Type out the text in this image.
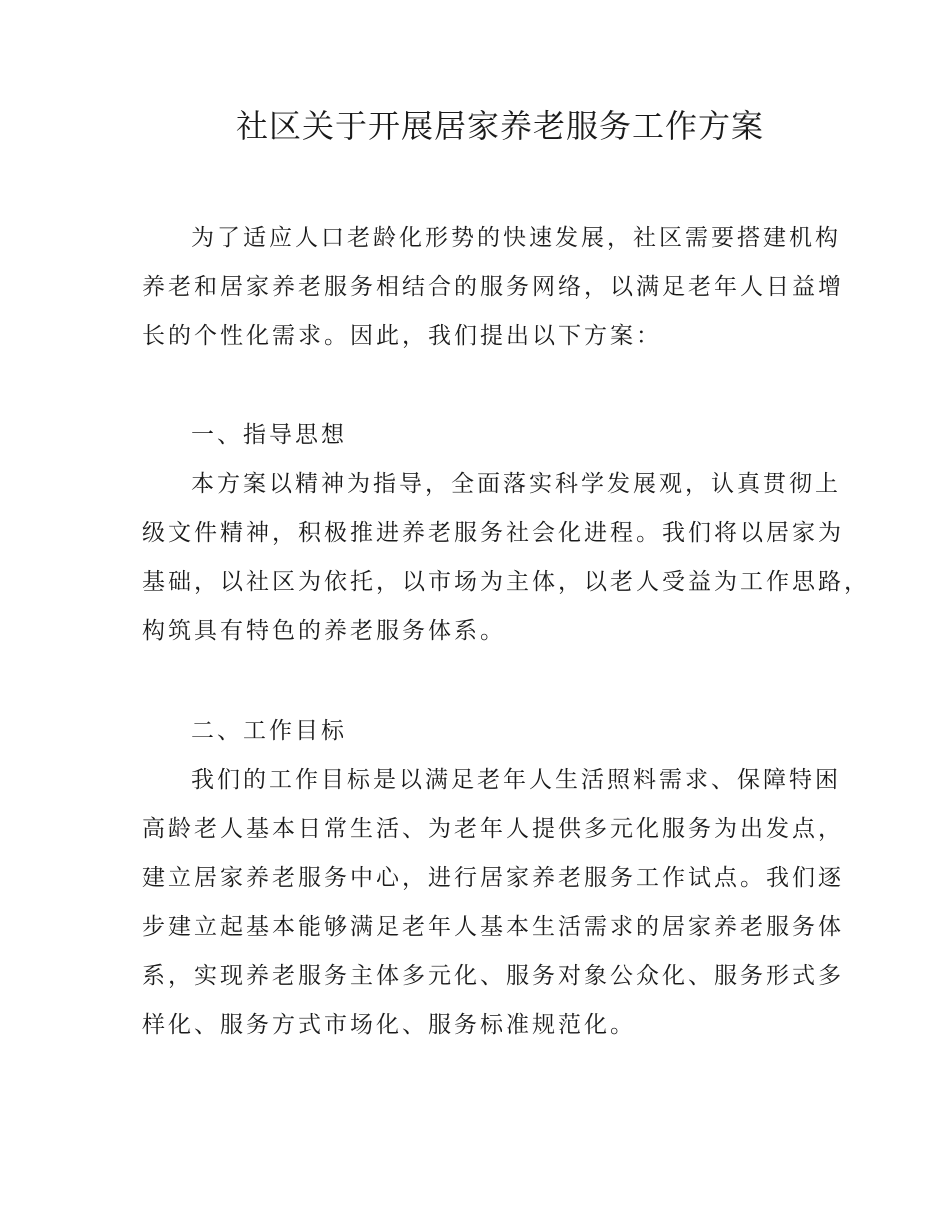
社区关于开展居家养老服务工作方案
为了适应人口老龄化形势的快速发展，社区需要搭建机构
养老和居家养老服务相结合的服务网络，以满足老年人日益增
长的个性化需求。因此，我们提出以下方案：
一、指导思想
本方案以精神为指导，全面落实科学发展观，认真贯彻上
级文件精神，积极推进养老服务社会化进程。我们将以居家为
基础，以社区为依托，以市场为主体，以老人受益为工作思路，
构筑具有特色的养老服务体系。
二、工作目标
我们的工作目标是以满足老年人生活照料需求、保障特困
高龄老人基本日常生活、为老年人提供多元化服务为出发点，
建立居家养老服务中心，进行居家养老服务工作试点。我们逐
步建立起基本能够满足老年人基本生活需求的居家养老服务体
系，实现养老服务主体多元化、服务对象公众化、服务形式多
样化、服务方式市场化、服务标准规范化。
